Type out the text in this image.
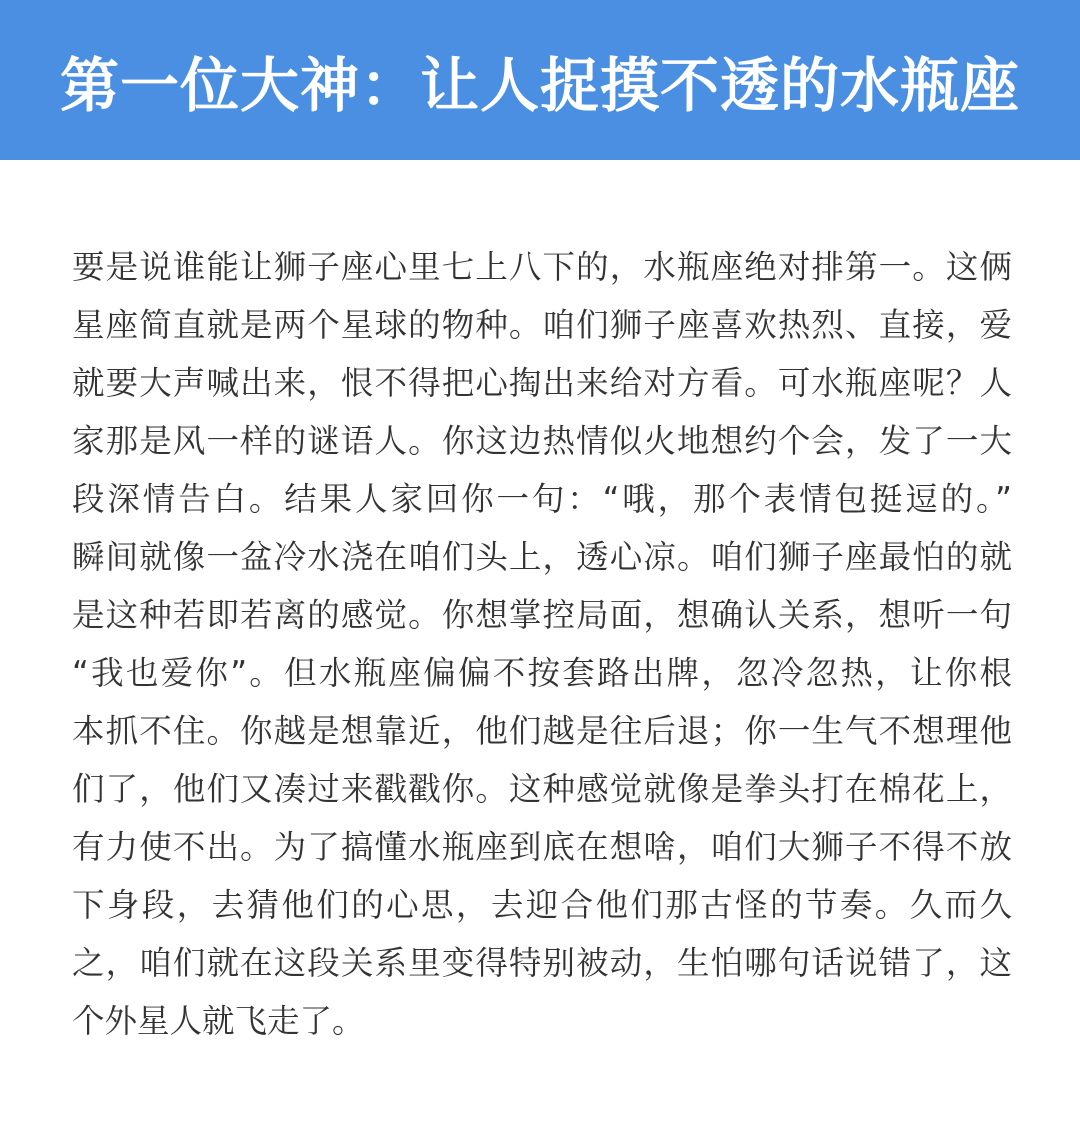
第一位大神：让人捉摸不透的水瓶座
要是说谁能让狮子座心里七上八下的，水瓶座绝对排第一。这俩
星座简直就是两个星球的物种。咱们狮子座喜欢热烈、直接，爱
就要大声喊出来，恨不得把心掏出来给对方看。可水瓶座呢？人
家那是风一样的谜语人。你这边热情似火地想约个会，发了一大
段深情告白。结果人家回你一句：“哦，那个表情包挺逗的。”
瞬间就像一盆冷水浇在咱们头上，透心凉。咱们狮子座最怕的就
是这种若即若离的感觉。你想掌控局面，想确认关系，想听一句
“我也爱你”。但水瓶座偏偏不按套路出牌，忽冷忽热，让你根
本抓不住。你越是想靠近，他们越是往后退；你一生气不想理他
们了，他们又凑过来戳戳你。这种感觉就像是拳头打在棉花上，
有力使不出。为了搞懂水瓶座到底在想啥，咱们大狮子不得不放
下身段，去猜他们的心思，去迎合他们那古怪的节奏。久而久
之，咱们就在这段关系里变得特别被动，生怕哪句话说错了，这
个外星人就飞走了。
